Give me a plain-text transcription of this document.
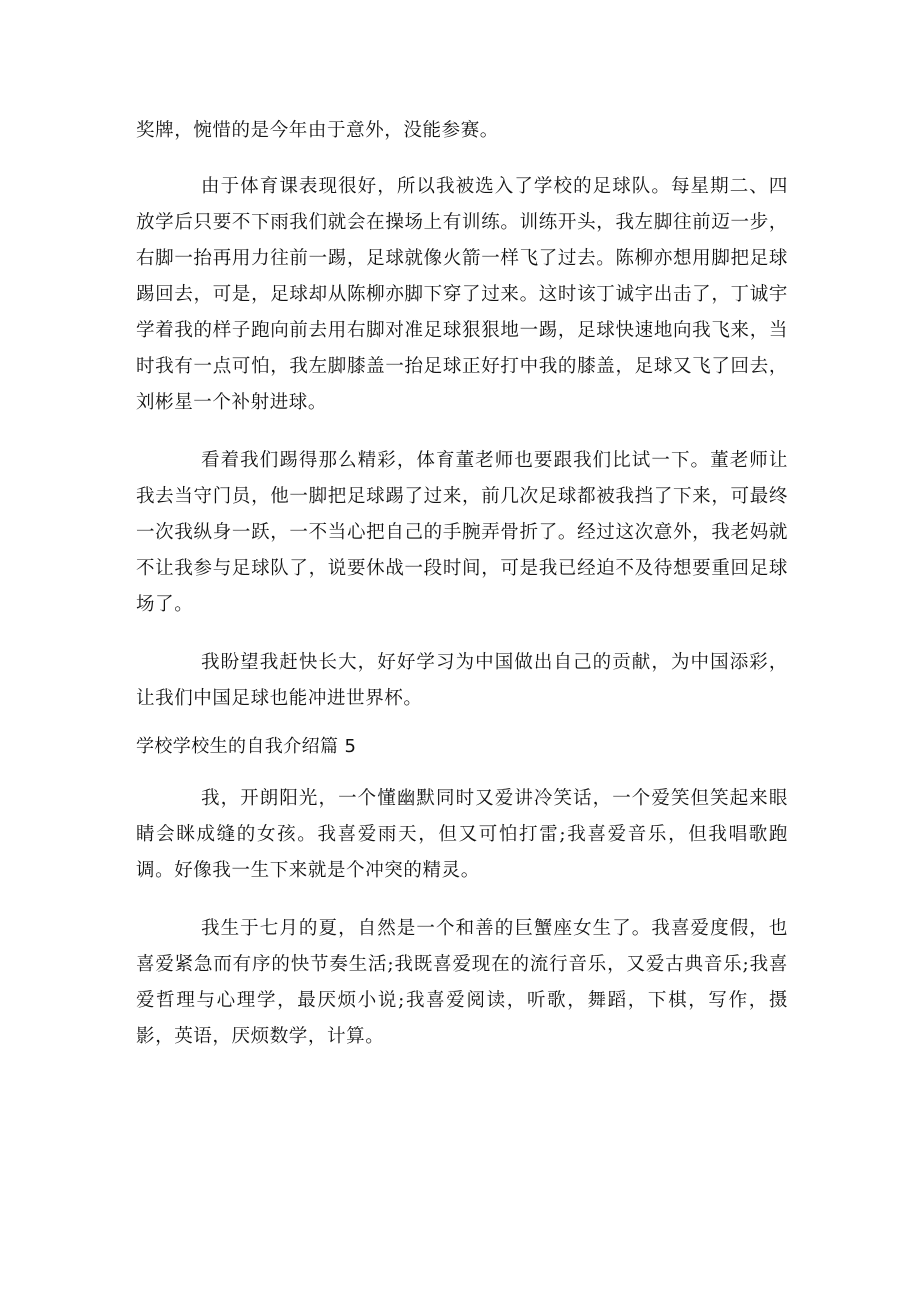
奖牌，惋惜的是今年由于意外，没能参赛。

由于体育课表现很好，所以我被选入了学校的足球队。每星期二、四放学后只要不下雨我们就会在操场上有训练。训练开头，我左脚往前迈一步，右脚一抬再用力往前一踢，足球就像火箭一样飞了过去。陈柳亦想用脚把足球踢回去，可是，足球却从陈柳亦脚下穿了过来。这时该丁诚宇出击了，丁诚宇学着我的样子跑向前去用右脚对准足球狠狠地一踢，足球快速地向我飞来，当时我有一点可怕，我左脚膝盖一抬足球正好打中我的膝盖，足球又飞了回去，刘彬星一个补射进球。

看着我们踢得那么精彩，体育董老师也要跟我们比试一下。董老师让我去当守门员，他一脚把足球踢了过来，前几次足球都被我挡了下来，可最终一次我纵身一跃，一不当心把自己的手腕弄骨折了。经过这次意外，我老妈就不让我参与足球队了，说要休战一段时间，可是我已经迫不及待想要重回足球场了。

我盼望我赶快长大，好好学习为中国做出自己的贡献，为中国添彩，让我们中国足球也能冲进世界杯。

学校学校生的自我介绍篇 5

我，开朗阳光，一个懂幽默同时又爱讲冷笑话，一个爱笑但笑起来眼睛会眯成缝的女孩。我喜爱雨天，但又可怕打雷;我喜爱音乐，但我唱歌跑调。好像我一生下来就是个冲突的精灵。

我生于七月的夏，自然是一个和善的巨蟹座女生了。我喜爱度假，也喜爱紧急而有序的快节奏生活;我既喜爱现在的流行音乐，又爱古典音乐;我喜爱哲理与心理学，最厌烦小说;我喜爱阅读，听歌，舞蹈，下棋，写作，摄影，英语，厌烦数学，计算。
